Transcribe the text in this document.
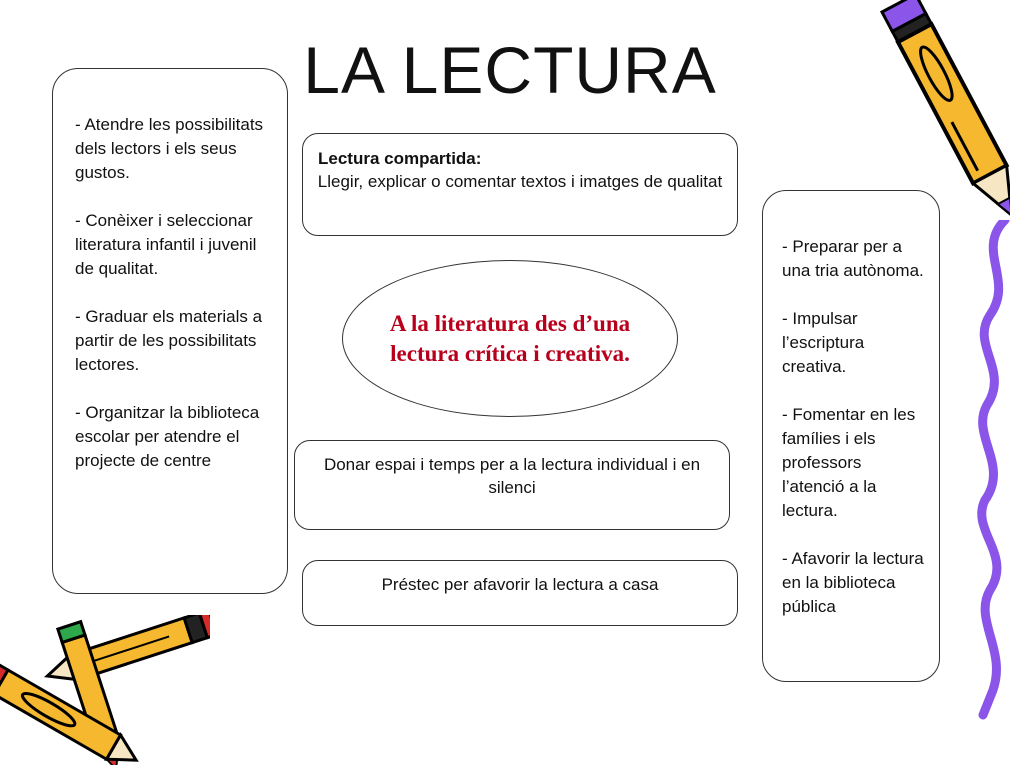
LA LECTURA

- Atendre les possibilitats dels lectors i els seus gustos.

- Conèixer i seleccionar literatura infantil i juvenil de qualitat.

- Graduar els materials a partir de les possibilitats lectores.

- Organitzar la biblioteca escolar per atendre el projecte de centre

Lectura compartida:
Llegir, explicar o comentar textos i imatges de qualitat
A la literatura des d’una lectura crítica i creativa.
Donar espai i temps per a la lectura individual i en silenci
Préstec per afavorir la lectura a casa

- Preparar per a una tria autònoma.

- Impulsar l’escriptura creativa.

- Fomentar en les famílies i els professors l’atenció a la lectura.

- Afavorir la lectura en la biblioteca pública
